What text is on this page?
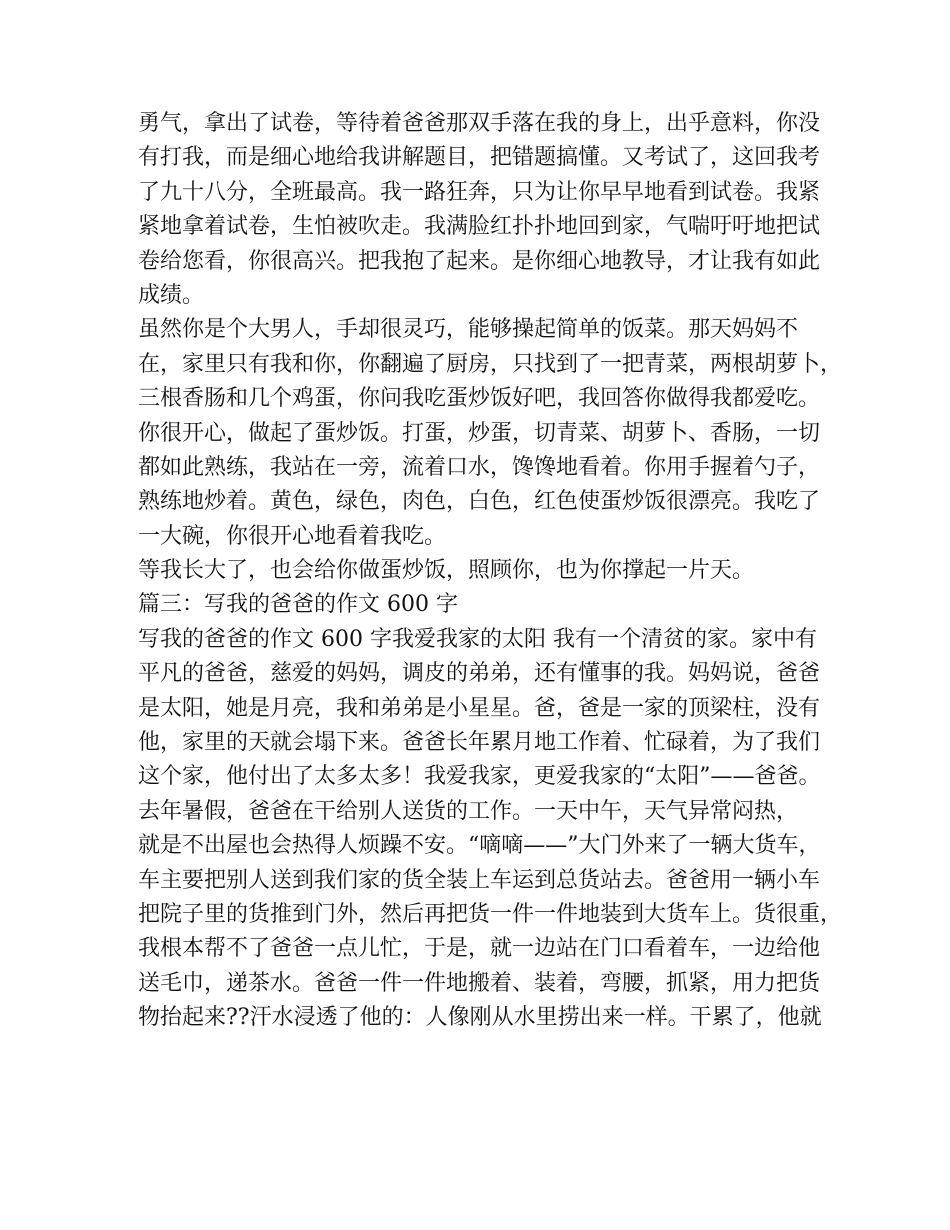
勇气，拿出了试卷，等待着爸爸那双手落在我的身上，出乎意料，你没
有打我，而是细心地给我讲解题目，把错题搞懂。又考试了，这回我考
了九十八分，全班最高。我一路狂奔，只为让你早早地看到试卷。我紧
紧地拿着试卷，生怕被吹走。我满脸红扑扑地回到家，气喘吁吁地把试
卷给您看，你很高兴。把我抱了起来。是你细心地教导，才让我有如此
成绩。
虽然你是个大男人，手却很灵巧，能够操起简单的饭菜。那天妈妈不
在，家里只有我和你，你翻遍了厨房，只找到了一把青菜，两根胡萝卜，
三根香肠和几个鸡蛋，你问我吃蛋炒饭好吧，我回答你做得我都爱吃。
你很开心，做起了蛋炒饭。打蛋，炒蛋，切青菜、胡萝卜、香肠，一切
都如此熟练，我站在一旁，流着口水，馋馋地看着。你用手握着勺子，
熟练地炒着。黄色，绿色，肉色，白色，红色使蛋炒饭很漂亮。我吃了
一大碗，你很开心地看着我吃。
等我长大了，也会给你做蛋炒饭，照顾你，也为你撑起一片天。
篇三：写我的爸爸的作文 600 字
写我的爸爸的作文 600 字我爱我家的太阳 我有一个清贫的家。家中有
平凡的爸爸，慈爱的妈妈，调皮的弟弟，还有懂事的我。妈妈说，爸爸
是太阳，她是月亮，我和弟弟是小星星。爸，爸是一家的顶梁柱，没有
他，家里的天就会塌下来。爸爸长年累月地工作着、忙碌着，为了我们
这个家，他付出了太多太多！我爱我家，更爱我家的“太阳”——爸爸。
去年暑假，爸爸在干给别人送货的工作。一天中午，天气异常闷热，
就是不出屋也会热得人烦躁不安。“嘀嘀——”大门外来了一辆大货车，
车主要把别人送到我们家的货全装上车运到总货站去。爸爸用一辆小车
把院子里的货推到门外，然后再把货一件一件地装到大货车上。货很重，
我根本帮不了爸爸一点儿忙，于是，就一边站在门口看着车，一边给他
送毛巾，递茶水。爸爸一件一件地搬着、装着，弯腰，抓紧，用力把货
物抬起来??汗水浸透了他的：人像刚从水里捞出来一样。干累了，他就
